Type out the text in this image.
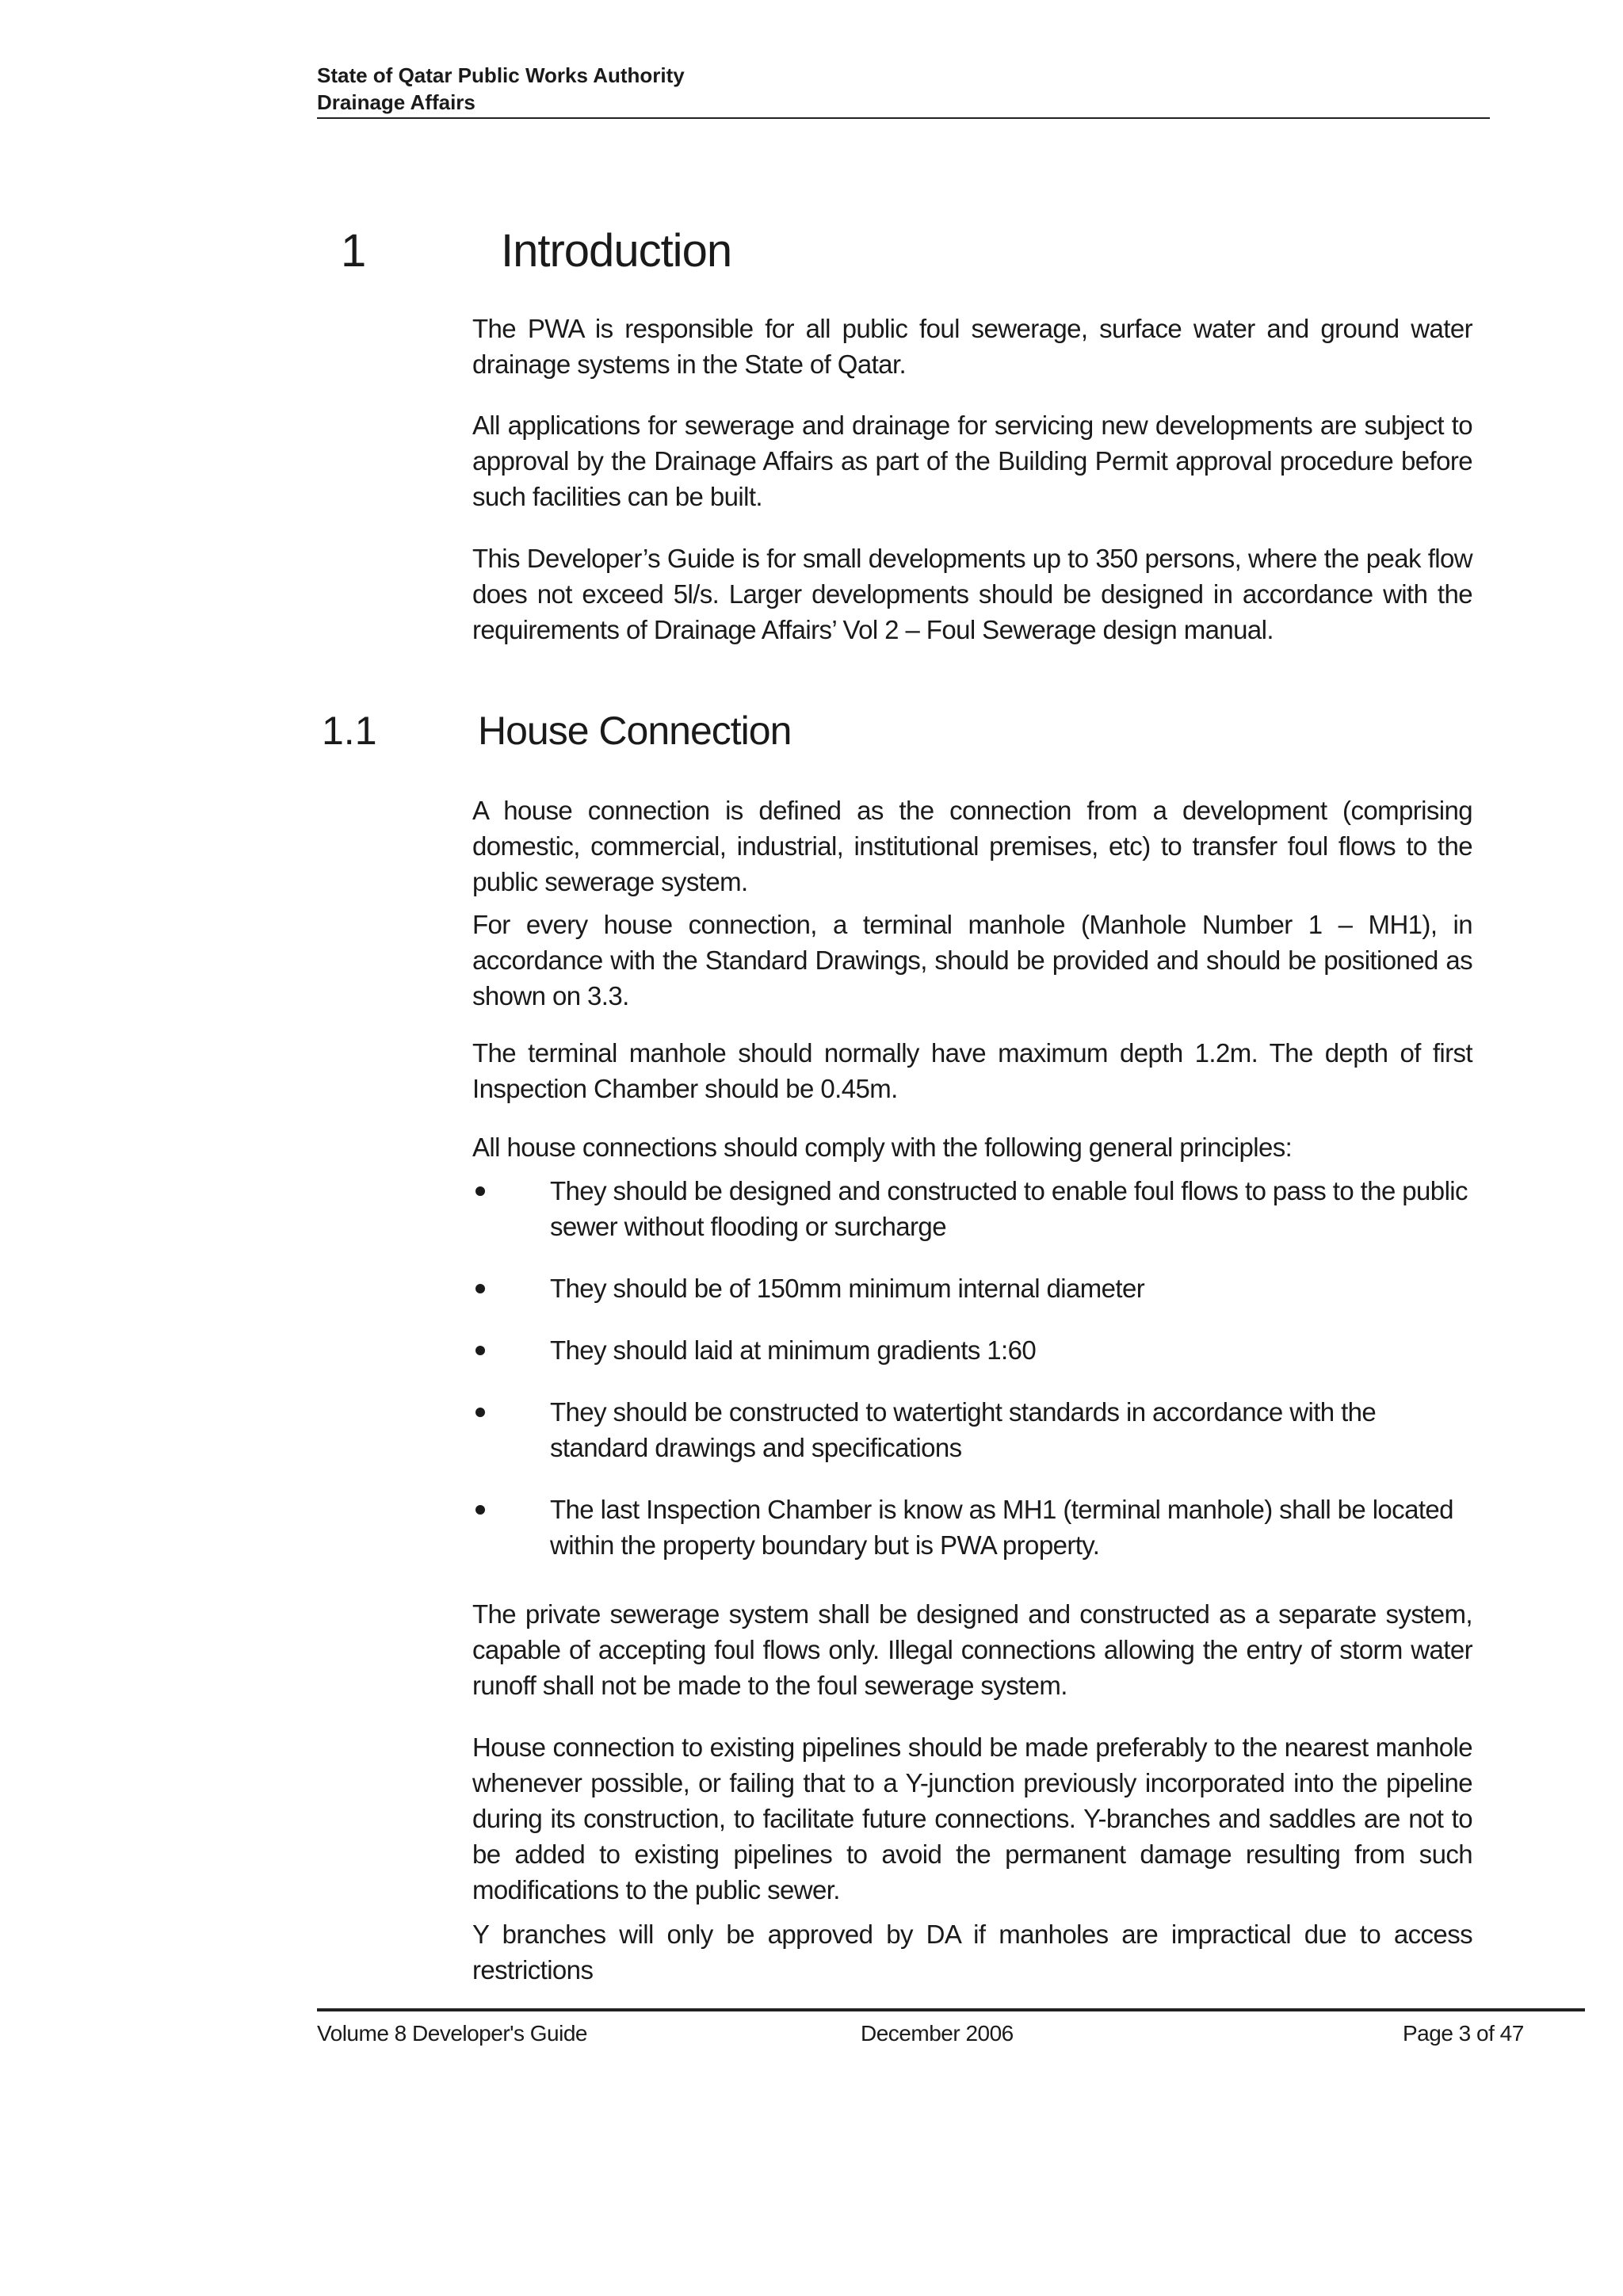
State of Qatar Public Works Authority
Drainage Affairs
1	Introduction
The PWA is responsible for all public foul sewerage, surface water and ground water drainage systems in the State of Qatar.
All applications for sewerage and drainage for servicing new developments are subject to approval by the Drainage Affairs as part of the Building Permit approval procedure before such facilities can be built.
This Developer’s Guide is for small developments up to 350 persons, where the peak flow does not exceed 5l/s. Larger developments should be designed in accordance with the requirements of Drainage Affairs’ Vol 2 – Foul Sewerage design manual.
1.1	House Connection
A house connection is defined as the connection from a development (comprising domestic, commercial, industrial, institutional premises, etc) to transfer foul flows to the public sewerage system.
For every house connection, a terminal manhole (Manhole Number 1 – MH1), in accordance with the Standard Drawings, should be provided and should be positioned as shown on 3.3.
The terminal manhole should normally have maximum depth 1.2m. The depth of first Inspection Chamber should be 0.45m.
All house connections should comply with the following general principles:
They should be designed and constructed to enable foul flows to pass to the public sewer without flooding or surcharge
They should be of 150mm minimum internal diameter
They should laid at minimum gradients 1:60
They should be constructed to watertight standards in accordance with the standard drawings and specifications
The last Inspection Chamber is know as MH1 (terminal manhole) shall be located within the property boundary but is PWA property.
The private sewerage system shall be designed and constructed as a separate system, capable of accepting foul flows only. Illegal connections allowing the entry of storm water runoff shall not be made to the foul sewerage system.
House connection to existing pipelines should be made preferably to the nearest manhole whenever possible, or failing that to a Y-junction previously incorporated into the pipeline during its construction, to facilitate future connections. Y-branches and saddles are not to be added to existing pipelines to avoid the permanent damage resulting from such modifications to the public sewer.
Y branches will only be approved by DA if manholes are impractical due to access restrictions
Volume 8 Developer's Guide	December 2006	Page 3 of 47
